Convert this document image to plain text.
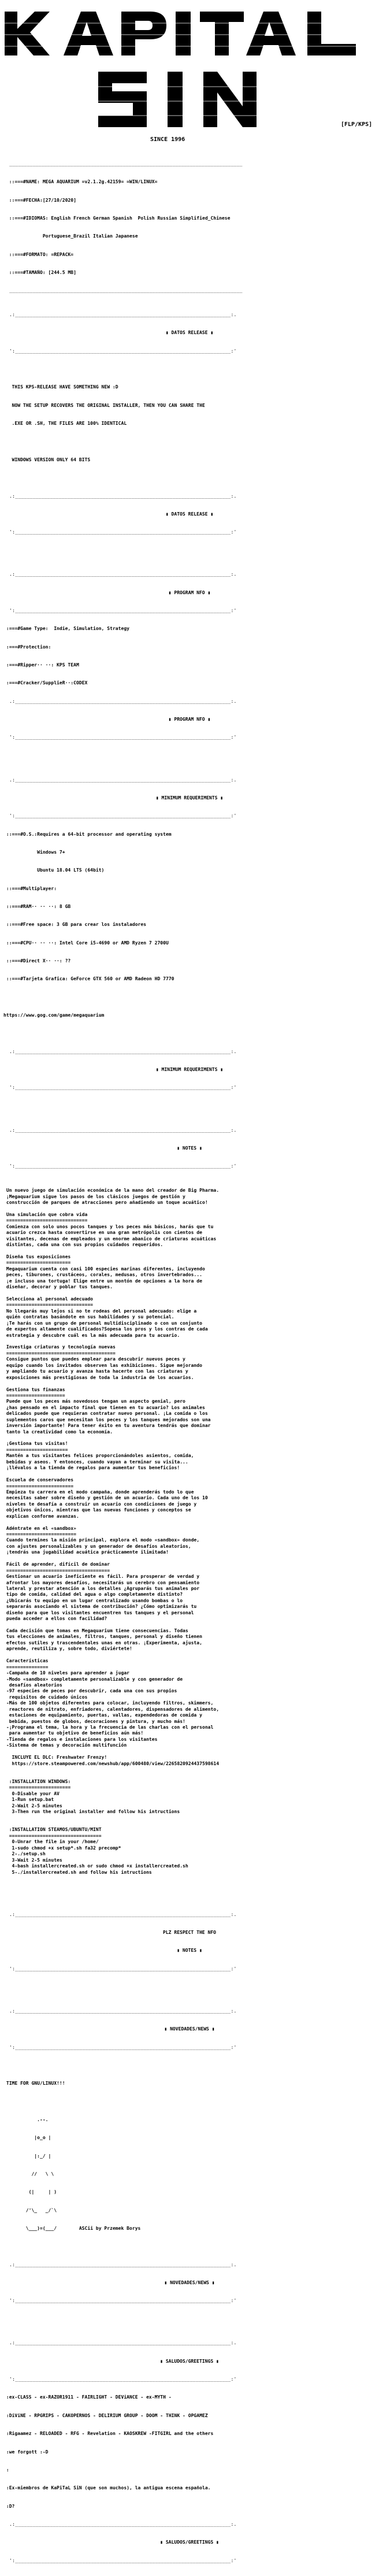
[FLP/KPS]
SINCE 1996

________________________________________________________________________________

::===#NAME: MEGA AQUARIUM =v2.1.2g.42159= =WIN/LINUX=

::===#FECHA:[27/10/2020]

::===#IDIOMAS: English French German Spanish  Polish Russian Simplified_Chinese

Portuguese_Brazil Italian Japanese

::===#FORMATO: =REPACK=

::===#TAMAÑO: [244.5 MB]

________________________________________________________________________________

.:__________________________________________________________________________:.

▮ DATOS RELEASE ▮

':__________________________________________________________________________:'

THIS KPS-RELEASE HAVE SOMETHING NEW :D

NOW THE SETUP RECOVERS THE ORIGINAL INSTALLER, THEN YOU CAN SHARE THE

.EXE OR .SH, THE FILES ARE 100% IDENTICAL

WINDOWS VERSION ONLY 64 BITS

.:__________________________________________________________________________:.

▮ DATOS RELEASE ▮

':__________________________________________________________________________:'

.:__________________________________________________________________________:.

▮ PROGRAM NFO ▮

':__________________________________________________________________________:'

:===#Game Type:  Indie, Simulation, Strategy

:===#Protection:

:===#Ripper·· ··: KPS TEAM

:===#Cracker/SupplieR··:CODEX

.:__________________________________________________________________________:.

▮ PROGRAM NFO ▮

':__________________________________________________________________________:'

.:__________________________________________________________________________:.

▮ MINIMUM REQUERIMENTS ▮

':__________________________________________________________________________:'

::===#O.S.:Requires a 64-bit processor and operating system

Windows 7+

Ubuntu 18.04 LTS (64bit)

::===#Multiplayer:

::===#RAM·· ·· ··: 8 GB

::===#Free space: 3 GB para crear los instaladores

::===#CPU·· ·· ··: Intel Core i5-4690 or AMD Ryzen 7 2700U

::===#Direct X·· ··: ??

::===#Tarjeta Grafica: GeForce GTX 560 or AMD Radeon HD 7770

https://www.gog.com/game/megaquarium

.:__________________________________________________________________________:.

▮ MINIMUM REQUERIMENTS ▮

':__________________________________________________________________________:'

.:__________________________________________________________________________:.

▮ NOTES ▮

':__________________________________________________________________________:'

Un nuevo juego de simulación económica de la mano del creador de Big Pharma.
¡Megaquarium sigue los pasos de los clásicos juegos de gestión y
construcción de parques de atracciones pero añadiendo un toque acuático!

Una simulación que cobra vida
=============================
Comienza con solo unos pocos tanques y los peces más básicos, harás que tu
acuario crezca hasta convertirse en una gran metrópolis con cientos de
visitantes, decenas de empleados y un enorme abanico de criaturas acuáticas
distintas, cada una con sus propios cuidados requeridos.

Diseña tus exposiciones
=======================
Megaquarium cuenta con casi 100 especies marinas diferentes, incluyendo
peces, tiburones, crustáceos, corales, medusas, otros invertebrados...
¡e incluso una tortuga! Elige entre un montón de opciones a la hora de
diseñar, decorar y poblar tus tanques.

Selecciona al personal adecuado
===============================
No llegarás muy lejos si no te rodeas del personal adecuado: elige a
quién contratas basándote en sus habilidades y su potencial.
¡Te harás con un grupo de personal multidisciplinado o con un conjunto
de expertos altamente cualificados?Sopesa los pros y los contras de cada
estrategia y descubre cuál es la más adecuada para tu acuario.

Investiga criaturas y tecnología nuevas
=======================================
Consigue puntos que puedes emplear para descubrir nuevos peces y
equipo cuando los invitados observen las exhibiciones. Sigue mejorando
y ampliando tu acuario y avanza hasta hacerte con las criaturas y
exposiciones más prestigiosas de toda la industria de los acuarios.

Gestiona tus finanzas
=====================
Puede que los peces más novedosos tengan un aspecto genial, pero
¿has pensado en el impacto final que tienen en tu acuario? Los animales
delicados puede que requieran contratar nuevo personal. ¡La comida o los
suplementos caros que necesitan los peces y los tanques mejorados son una
inversión importante! Para tener éxito en tu aventura tendrás que dominar
tanto la creatividad como la economía.

¡Gestiona tus visitas!
======================
Mantén a tus visitantes felices proporcionándoles asientos, comida,
bebidas y aseos. Y entonces, cuando vayan a terminar su visita...
¡llévalos a la tienda de regalos para aumentar tus beneficios!

Escuela de conservadores
========================
Empieza tu carrera en el modo campaña, donde aprenderás todo lo que
necesitas saber sobre diseño y gestión de un acuario. Cada uno de los 10
niveles te desafía a construir un acuario con condiciones de juego y
objetivos únicos, mientras que las nuevas funciones y conceptos se
explican conforme avanzas.

Adéntrate en el «sandbox»
=========================
Cuando termines la misión principal, explora el modo «sandbox» donde,
con ajustes personalizables y un generador de desafíos aleatorios,
¡tendrás una jugabilidad acuática prácticamente ilimitada!

Fácil de aprender, difícil de dominar
=====================================
Gestionar un acuario ineficiente es fácil. Para prosperar de verdad y
afrontar los mayores desafíos, necesitarás un cerebro con pensamiento
lateral y prestar atención a los detalles ¿Agruparás tus animales por
tipo de comida, calidad del agua o algo completamente distinto?
¿Ubicarás tu equipo en un lugar centralizado usando bombas o lo
separarás asociando el sistema de contribución? ¿Cómo optimizarás tu
diseño para que los visitantes encuentren tus tanques y el personal
pueda acceder a ellos con facilidad?

Cada decisión que tomas en Megaquarium tiene consecuencias. Todas
tus elecciones de animales, filtros, tanques, personal y diseño tienen
efectos sutiles y trascendentales unas en otras. ¡Experimenta, ajusta,
aprende, reutiliza y, sobre todo, diviértete!

Características
===============
-Campaña de 10 niveles para aprender a jugar
-Modo «sandbox» completamente personalizable y con generador de
desafíos aleatorios
-97 especies de peces por descubrir, cada una con sus propios
requisitos de cuidado únicos
-Más de 100 objetos diferentes para colocar, incluyendo filtros, skimmers,
reactores de nitrato, enfriadores, calentadores, dispensadores de alimento,
estaciones de equipamiento, puertas, vallas, expendedoras de comida y
bebida, puestos de globos, decoraciones y pintura, y mucho más!
-¡Programa el tema, la hora y la frecuencia de las charlas con el personal
para aumentar tu objetivo de beneficios aún más!
-Tienda de regalos e instalaciones para los visitantes
-Sistema de temas y decoración multifunción

INCLUYE EL DLC: Freshwater Frenzy!
https://store.steampowered.com/newshub/app/600480/view/2265820924437598614

:INSTALLATION WINDOWS:
======================
0-Disable your AV
1-Run setup.bat
2-Wait 2-5 minutes
3-Then run the original installer and follow his intructions

:INSTALLATION STEAMOS/UBUNTU/MINT
=================================
0-Unrar the file in your /home/
1-sudo chmod +x setup*.sh fa32 precomp*
2-./setup.sh
3-Wait 2-5 minutes
4-bash installercreated.sh or sudo chmod +x installercreated.sh
5-./installercreated.sh and follow his intructions

.:__________________________________________________________________________:.

PLZ RESPECT THE NFO

▮ NOTES ▮

':__________________________________________________________________________:'

.:__________________________________________________________________________:.

▮ NOVEDADES/NEWS ▮

':__________________________________________________________________________:'

TIME FOR GNU/LINUX!!!

.--.

|o_o |

|:_/ |

//   \ \

(|     | )

/'\_   _/`\

\___)=(___/        ASCii by Przemek Borys

.:__________________________________________________________________________:.

▮ NOVEDADES/NEWS ▮

':__________________________________________________________________________:'

.:__________________________________________________________________________:.

▮ SALUDOS/GREETINGS ▮

':__________________________________________________________________________:'

:ex-CLASS - ex-RAZOR1911 - FAIRLIGHT - DEViANCE - ex-MYTH -

:DiViNE - RPGRIPS - CAKOPERNOS - DELIRIUM GROUP - DOOM - THINK - OPGAMEZ

:Rigaamez - RELOADED - RFG - Revelation - KAOSKREW -FITGIRL and the others

:we forgott :-D

:

:Ex-miembros de KaPiTaL SiN (que son muchos), la antigua escena española.

:D?

.:__________________________________________________________________________:.

▮ SALUDOS/GREETINGS ▮

':__________________________________________________________________________:'
